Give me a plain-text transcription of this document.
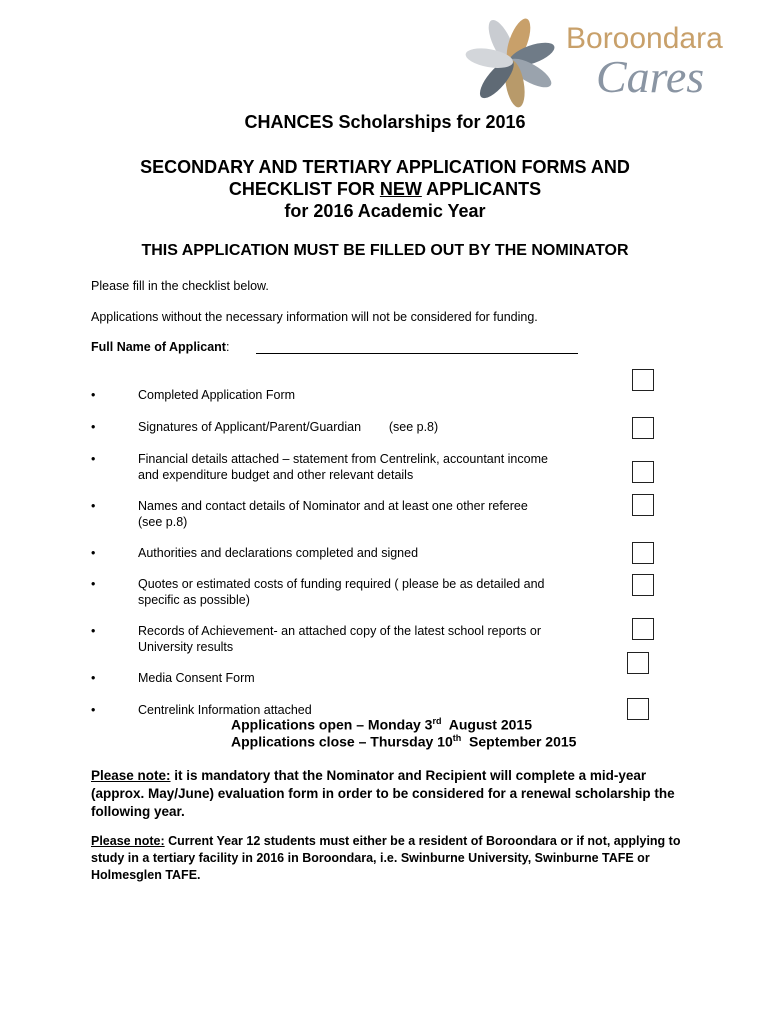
Boroondara
Cares
CHANCES Scholarships for 2016
SECONDARY AND TERTIARY APPLICATION FORMS AND
CHECKLIST FOR NEW APPLICANTS
for 2016 Academic Year
THIS APPLICATION MUST BE FILLED OUT BY THE NOMINATOR
Please fill in the checklist below.
Applications without the necessary information will not be considered for funding.
Full Name of Applicant:
•	Completed Application Form
•	Signatures of Applicant/Parent/Guardian        (see p.8)
•	Financial details attached – statement from Centrelink, accountant income
and expenditure budget and other relevant details
•	Names and contact details of Nominator and at least one other referee
(see p.8)
•	Authorities and declarations completed and signed
•	Quotes or estimated costs of funding required ( please be as detailed and
specific as possible)
•	Records of Achievement- an attached copy of the latest school reports or
University results
•	Media Consent Form
•	Centrelink Information attached
Applications open – Monday 3rd  August 2015
Applications close – Thursday 10th  September 2015
Please note: it is mandatory that the Nominator and Recipient will complete a mid-year (approx. May/June) evaluation form in order to be considered for a renewal scholarship the following year.
Please note: Current Year 12 students must either be a resident of Boroondara or if not, applying to study in a tertiary facility in 2016 in Boroondara, i.e. Swinburne University, Swinburne TAFE or Holmesglen TAFE.
